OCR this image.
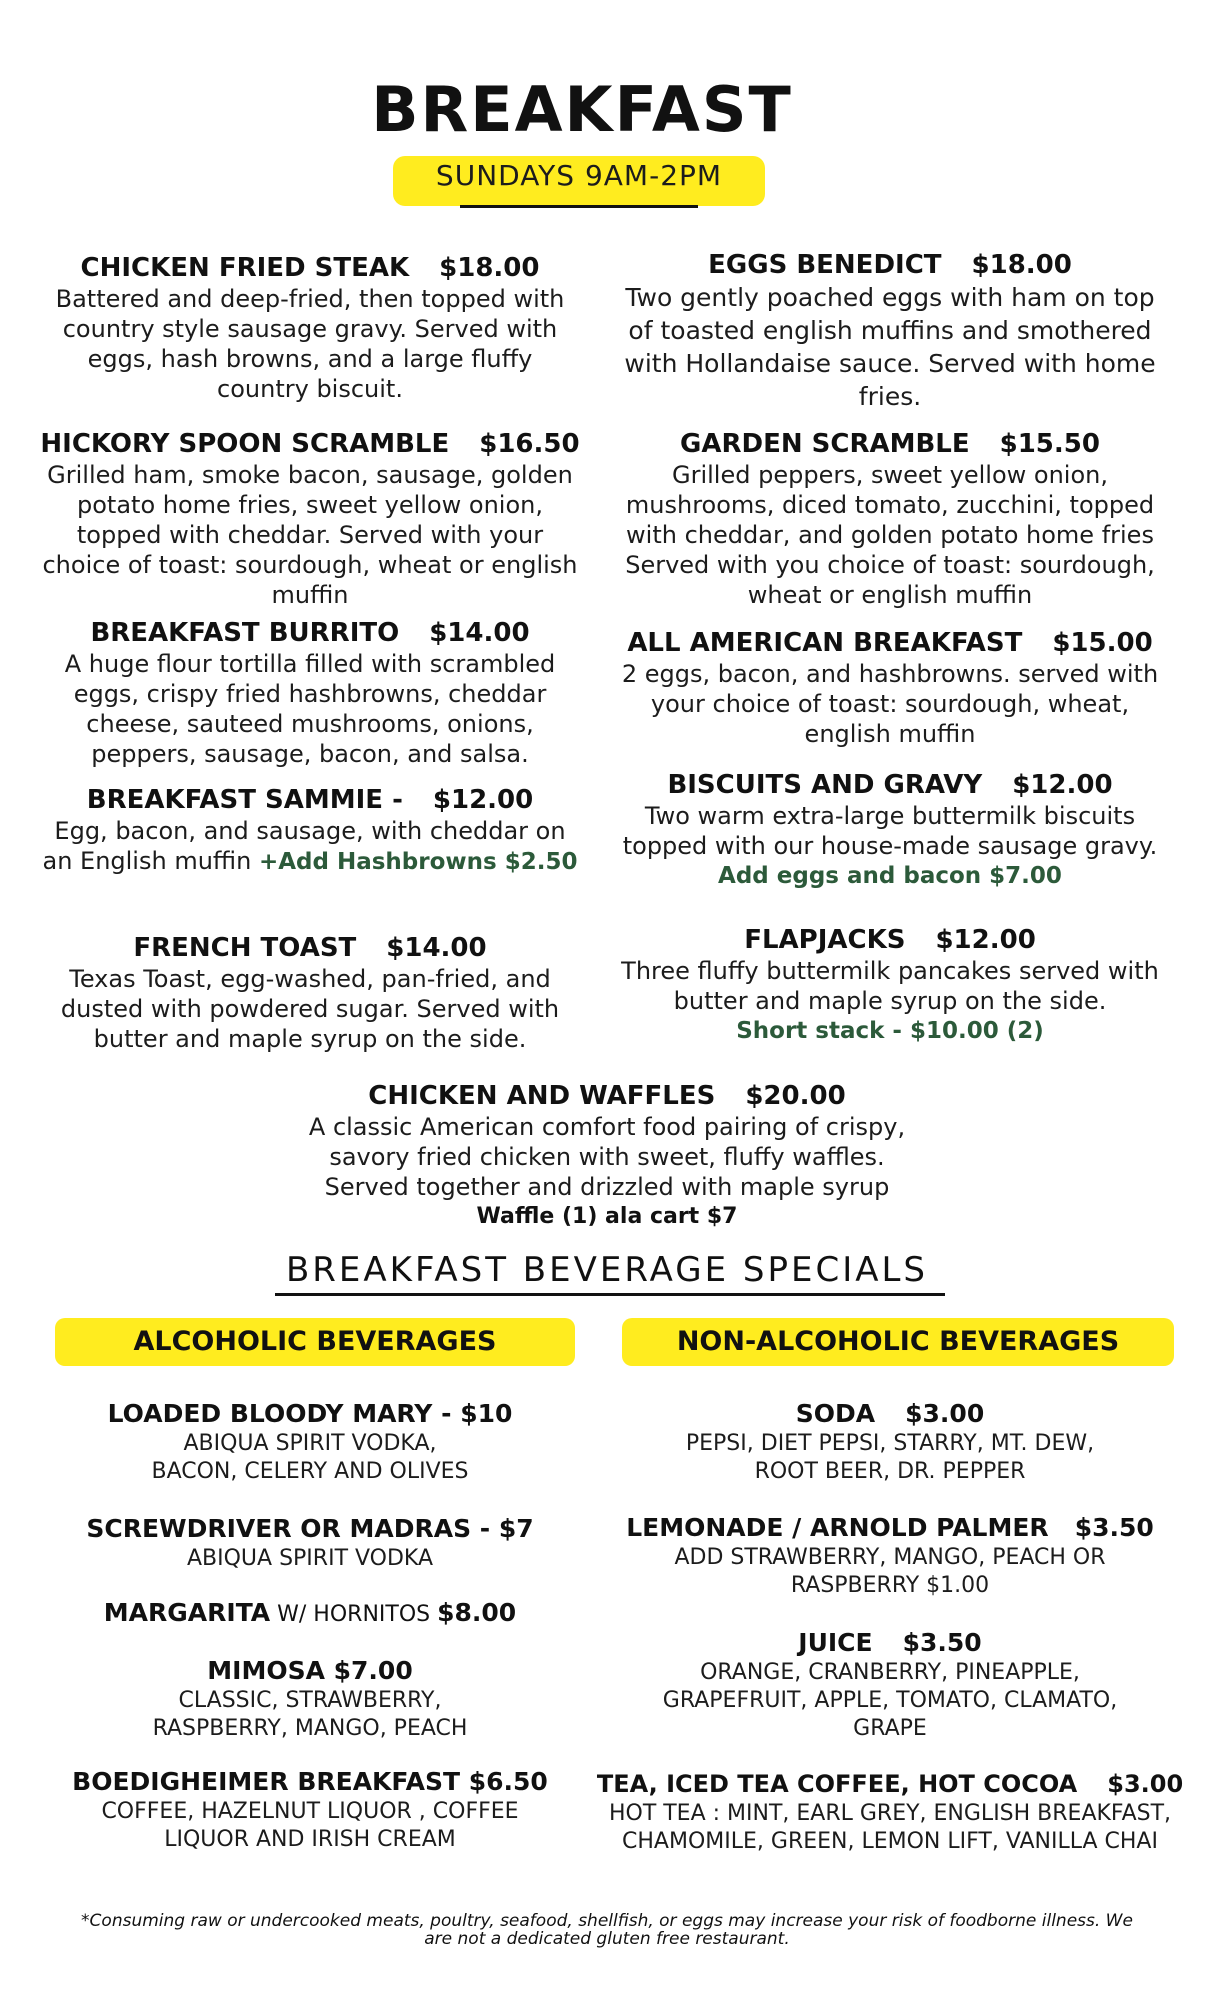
BREAKFAST
SUNDAYS 9AM-2PM
CHICKEN FRIED STEAK $18.00
Battered and deep-fried, then topped with country style sausage gravy. Served with eggs, hash browns, and a large fluffy country biscuit.
HICKORY SPOON SCRAMBLE $16.50
Grilled ham, smoke bacon, sausage, golden potato home fries, sweet yellow onion, topped with cheddar. Served with your choice of toast: sourdough, wheat or english muffin
BREAKFAST BURRITO $14.00
A huge flour tortilla filled with scrambled eggs, crispy fried hashbrowns, cheddar cheese, sauteed mushrooms, onions, peppers, sausage, bacon, and salsa.
BREAKFAST SAMMIE - $12.00
Egg, bacon, and sausage, with cheddar on an English muffin +Add Hashbrowns $2.50
FRENCH TOAST $14.00
Texas Toast, egg-washed, pan-fried, and dusted with powdered sugar. Served with butter and maple syrup on the side.
EGGS BENEDICT $18.00
Two gently poached eggs with ham on top of toasted english muffins and smothered with Hollandaise sauce. Served with home fries.
GARDEN SCRAMBLE $15.50
Grilled peppers, sweet yellow onion, mushrooms, diced tomato, zucchini, topped with cheddar, and golden potato home fries Served with you choice of toast: sourdough, wheat or english muffin
ALL AMERICAN BREAKFAST $15.00
2 eggs, bacon, and hashbrowns. served with your choice of toast: sourdough, wheat, english muffin
BISCUITS AND GRAVY $12.00
Two warm extra-large buttermilk biscuits topped with our house-made sausage gravy.
Add eggs and bacon $7.00
FLAPJACKS $12.00
Three fluffy buttermilk pancakes served with butter and maple syrup on the side.
Short stack - $10.00 (2)
CHICKEN AND WAFFLES $20.00
A classic American comfort food pairing of crispy, savory fried chicken with sweet, fluffy waffles. Served together and drizzled with maple syrup
Waffle (1) ala cart $7
BREAKFAST BEVERAGE SPECIALS
ALCOHOLIC BEVERAGES	NON-ALCOHOLIC BEVERAGES
LOADED BLOODY MARY - $10
ABIQUA SPIRIT VODKA, BACON, CELERY AND OLIVES
SCREWDRIVER OR MADRAS - $7
ABIQUA SPIRIT VODKA
MARGARITA W/ HORNITOS $8.00
MIMOSA $7.00
CLASSIC, STRAWBERRY, RASPBERRY, MANGO, PEACH
BOEDIGHEIMER BREAKFAST $6.50
COFFEE, HAZELNUT LIQUOR , COFFEE LIQUOR AND IRISH CREAM
SODA $3.00
PEPSI, DIET PEPSI, STARRY, MT. DEW, ROOT BEER, DR. PEPPER
LEMONADE / ARNOLD PALMER $3.50
ADD STRAWBERRY, MANGO, PEACH OR RASPBERRY $1.00
JUICE $3.50
ORANGE, CRANBERRY, PINEAPPLE, GRAPEFRUIT, APPLE, TOMATO, CLAMATO, GRAPE
TEA, ICED TEA COFFEE, HOT COCOA $3.00
HOT TEA : MINT, EARL GREY, ENGLISH BREAKFAST, CHAMOMILE, GREEN, LEMON LIFT, VANILLA CHAI
*Consuming raw or undercooked meats, poultry, seafood, shellfish, or eggs may increase your risk of foodborne illness. We are not a dedicated gluten free restaurant.
